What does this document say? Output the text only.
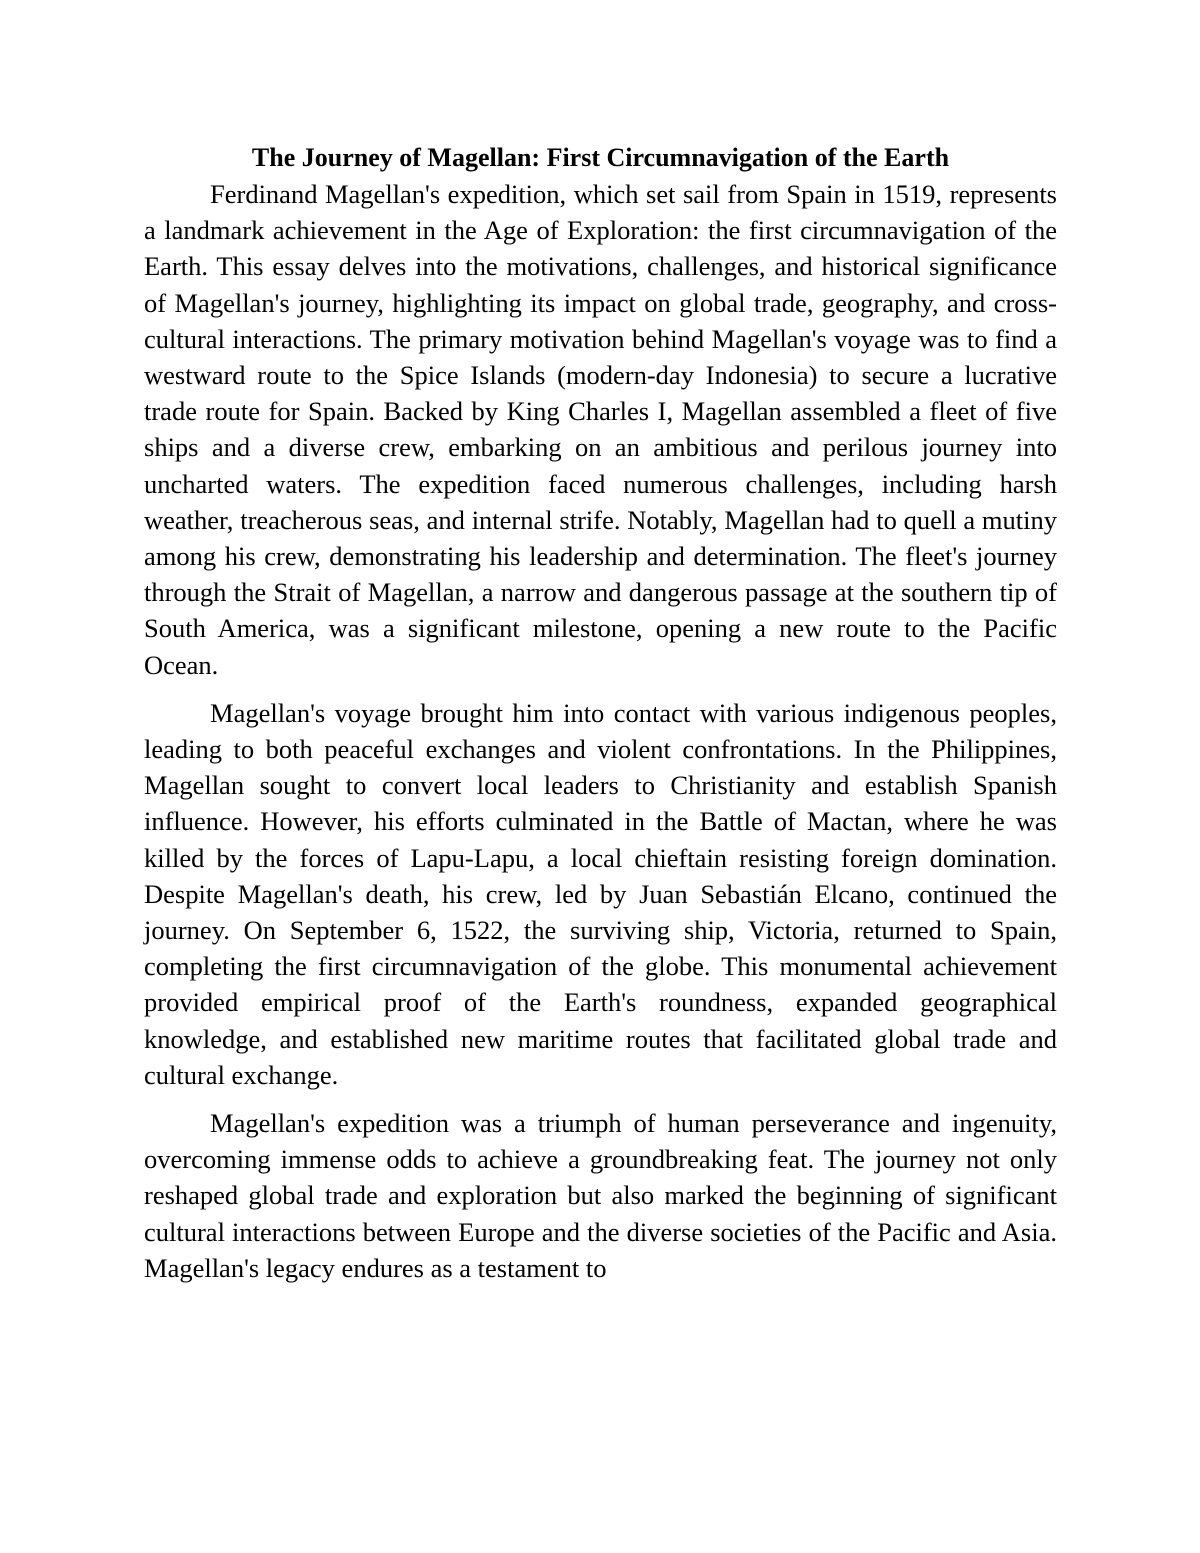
The Journey of Magellan: First Circumnavigation of the Earth

Ferdinand Magellan's expedition, which set sail from Spain in 1519, represents a landmark achievement in the Age of Exploration: the first circumnavigation of the Earth. This essay delves into the motivations, challenges, and historical significance of Magellan's journey, highlighting its impact on global trade, geography, and cross-cultural interactions. The primary motivation behind Magellan's voyage was to find a westward route to the Spice Islands (modern-day Indonesia) to secure a lucrative trade route for Spain. Backed by King Charles I, Magellan assembled a fleet of five ships and a diverse crew, embarking on an ambitious and perilous journey into uncharted waters. The expedition faced numerous challenges, including harsh weather, treacherous seas, and internal strife. Notably, Magellan had to quell a mutiny among his crew, demonstrating his leadership and determination. The fleet's journey through the Strait of Magellan, a narrow and dangerous passage at the southern tip of South America, was a significant milestone, opening a new route to the Pacific Ocean.

Magellan's voyage brought him into contact with various indigenous peoples, leading to both peaceful exchanges and violent confrontations. In the Philippines, Magellan sought to convert local leaders to Christianity and establish Spanish influence. However, his efforts culminated in the Battle of Mactan, where he was killed by the forces of Lapu-Lapu, a local chieftain resisting foreign domination. Despite Magellan's death, his crew, led by Juan Sebastián Elcano, continued the journey. On September 6, 1522, the surviving ship, Victoria, returned to Spain, completing the first circumnavigation of the globe. This monumental achievement provided empirical proof of the Earth's roundness, expanded geographical knowledge, and established new maritime routes that facilitated global trade and cultural exchange.

Magellan's expedition was a triumph of human perseverance and ingenuity, overcoming immense odds to achieve a groundbreaking feat. The journey not only reshaped global trade and exploration but also marked the beginning of significant cultural interactions between Europe and the diverse societies of the Pacific and Asia. Magellan's legacy endures as a testament to
